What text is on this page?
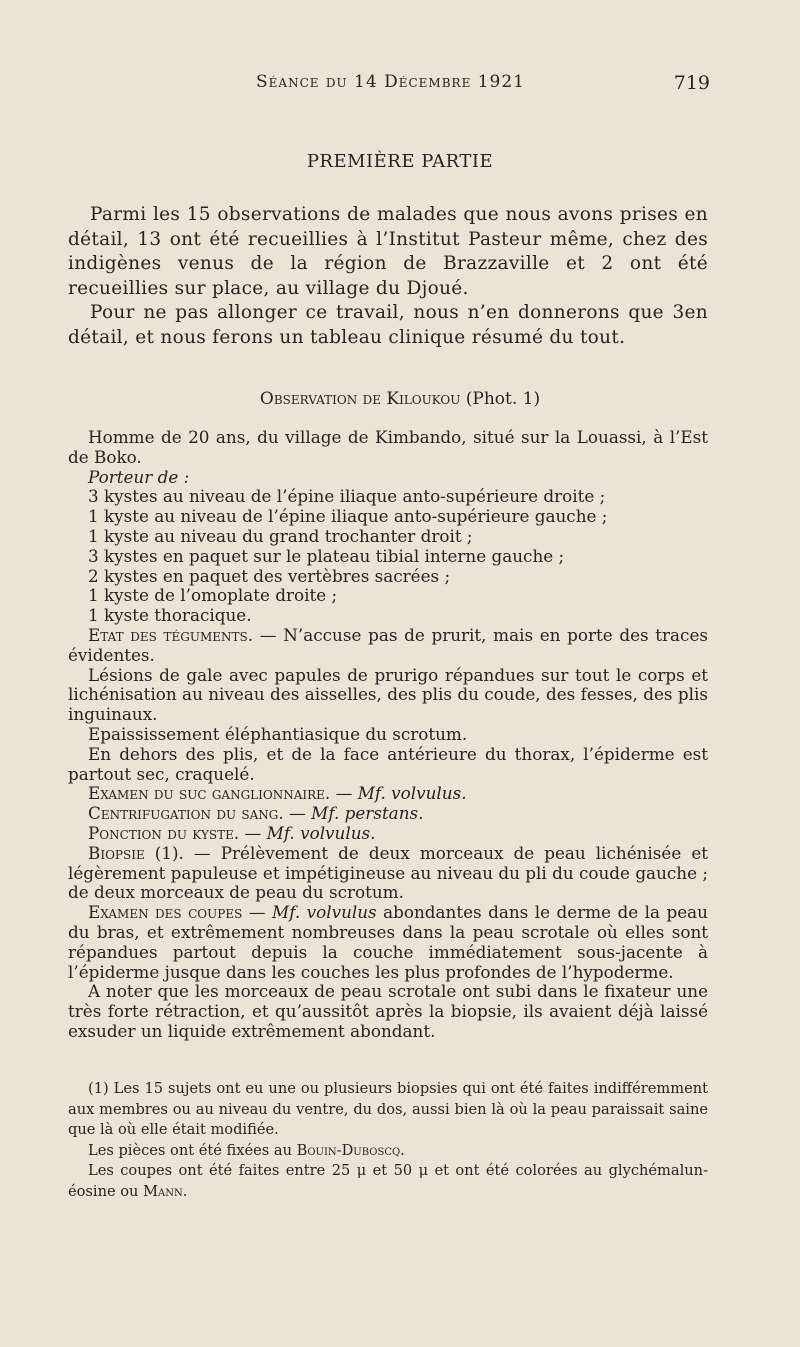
Séance du 14 Décembre 1921	719
PREMIÈRE PARTIE

Parmi les 15 observations de malades que nous avons prises en détail, 13 ont été recueillies à l’Institut Pasteur même, chez des indigènes venus de la région de Brazzaville et 2 ont été recueillies sur place, au village du Djoué.

Pour ne pas allonger ce travail, nous n’en donnerons que 3en détail, et nous ferons un tableau clinique résumé du tout.

Observation de Kiloukou (Phot. 1)

Homme de 20 ans, du village de Kimbando, situé sur la Louassi, à l’Est de Boko.

Porteur de :

3 kystes au niveau de l’épine iliaque anto-supérieure droite ;

1 kyste au niveau de l’épine iliaque anto-supérieure gauche ;

1 kyste au niveau du grand trochanter droit ;

3 kystes en paquet sur le plateau tibial interne gauche ;

2 kystes en paquet des vertèbres sacrées ;

1 kyste de l’omoplate droite ;

1 kyste thoracique.

Etat des téguments. — N’accuse pas de prurit, mais en porte des traces évidentes.

Lésions de gale avec papules de prurigo répandues sur tout le corps et lichénisation au niveau des aisselles, des plis du coude, des fesses, des plis inguinaux.

Epaississement éléphantiasique du scrotum.

En dehors des plis, et de la face antérieure du thorax, l’épiderme est partout sec, craquelé.

Examen du suc ganglionnaire. — Mf. volvulus.

Centrifugation du sang. — Mf. perstans.

Ponction du kyste. — Mf. volvulus.

Biopsie (1). — Prélèvement de deux morceaux de peau lichénisée et légèrement papuleuse et impétigineuse au niveau du pli du coude gauche ; de deux morceaux de peau du scrotum.

Examen des coupes — Mf. volvulus abondantes dans le derme de la peau du bras, et extrêmement nombreuses dans la peau scrotale où elles sont répandues partout depuis la couche immédiatement sous-jacente à l’épiderme jusque dans les couches les plus profondes de l’hypoderme.

A noter que les morceaux de peau scrotale ont subi dans le fixateur une très forte rétraction, et qu’aussitôt après la biopsie, ils avaient déjà laissé exsuder un liquide extrêmement abondant.

(1) Les 15 sujets ont eu une ou plusieurs biopsies qui ont été faites indifféremment aux membres ou au niveau du ventre, du dos, aussi bien là où la peau paraissait saine que là où elle était modifiée.

Les pièces ont été fixées au Bouin-Duboscq.

Les coupes ont été faites entre 25 μ et 50 μ et ont été colorées au glychémalun-éosine ou Mann.
